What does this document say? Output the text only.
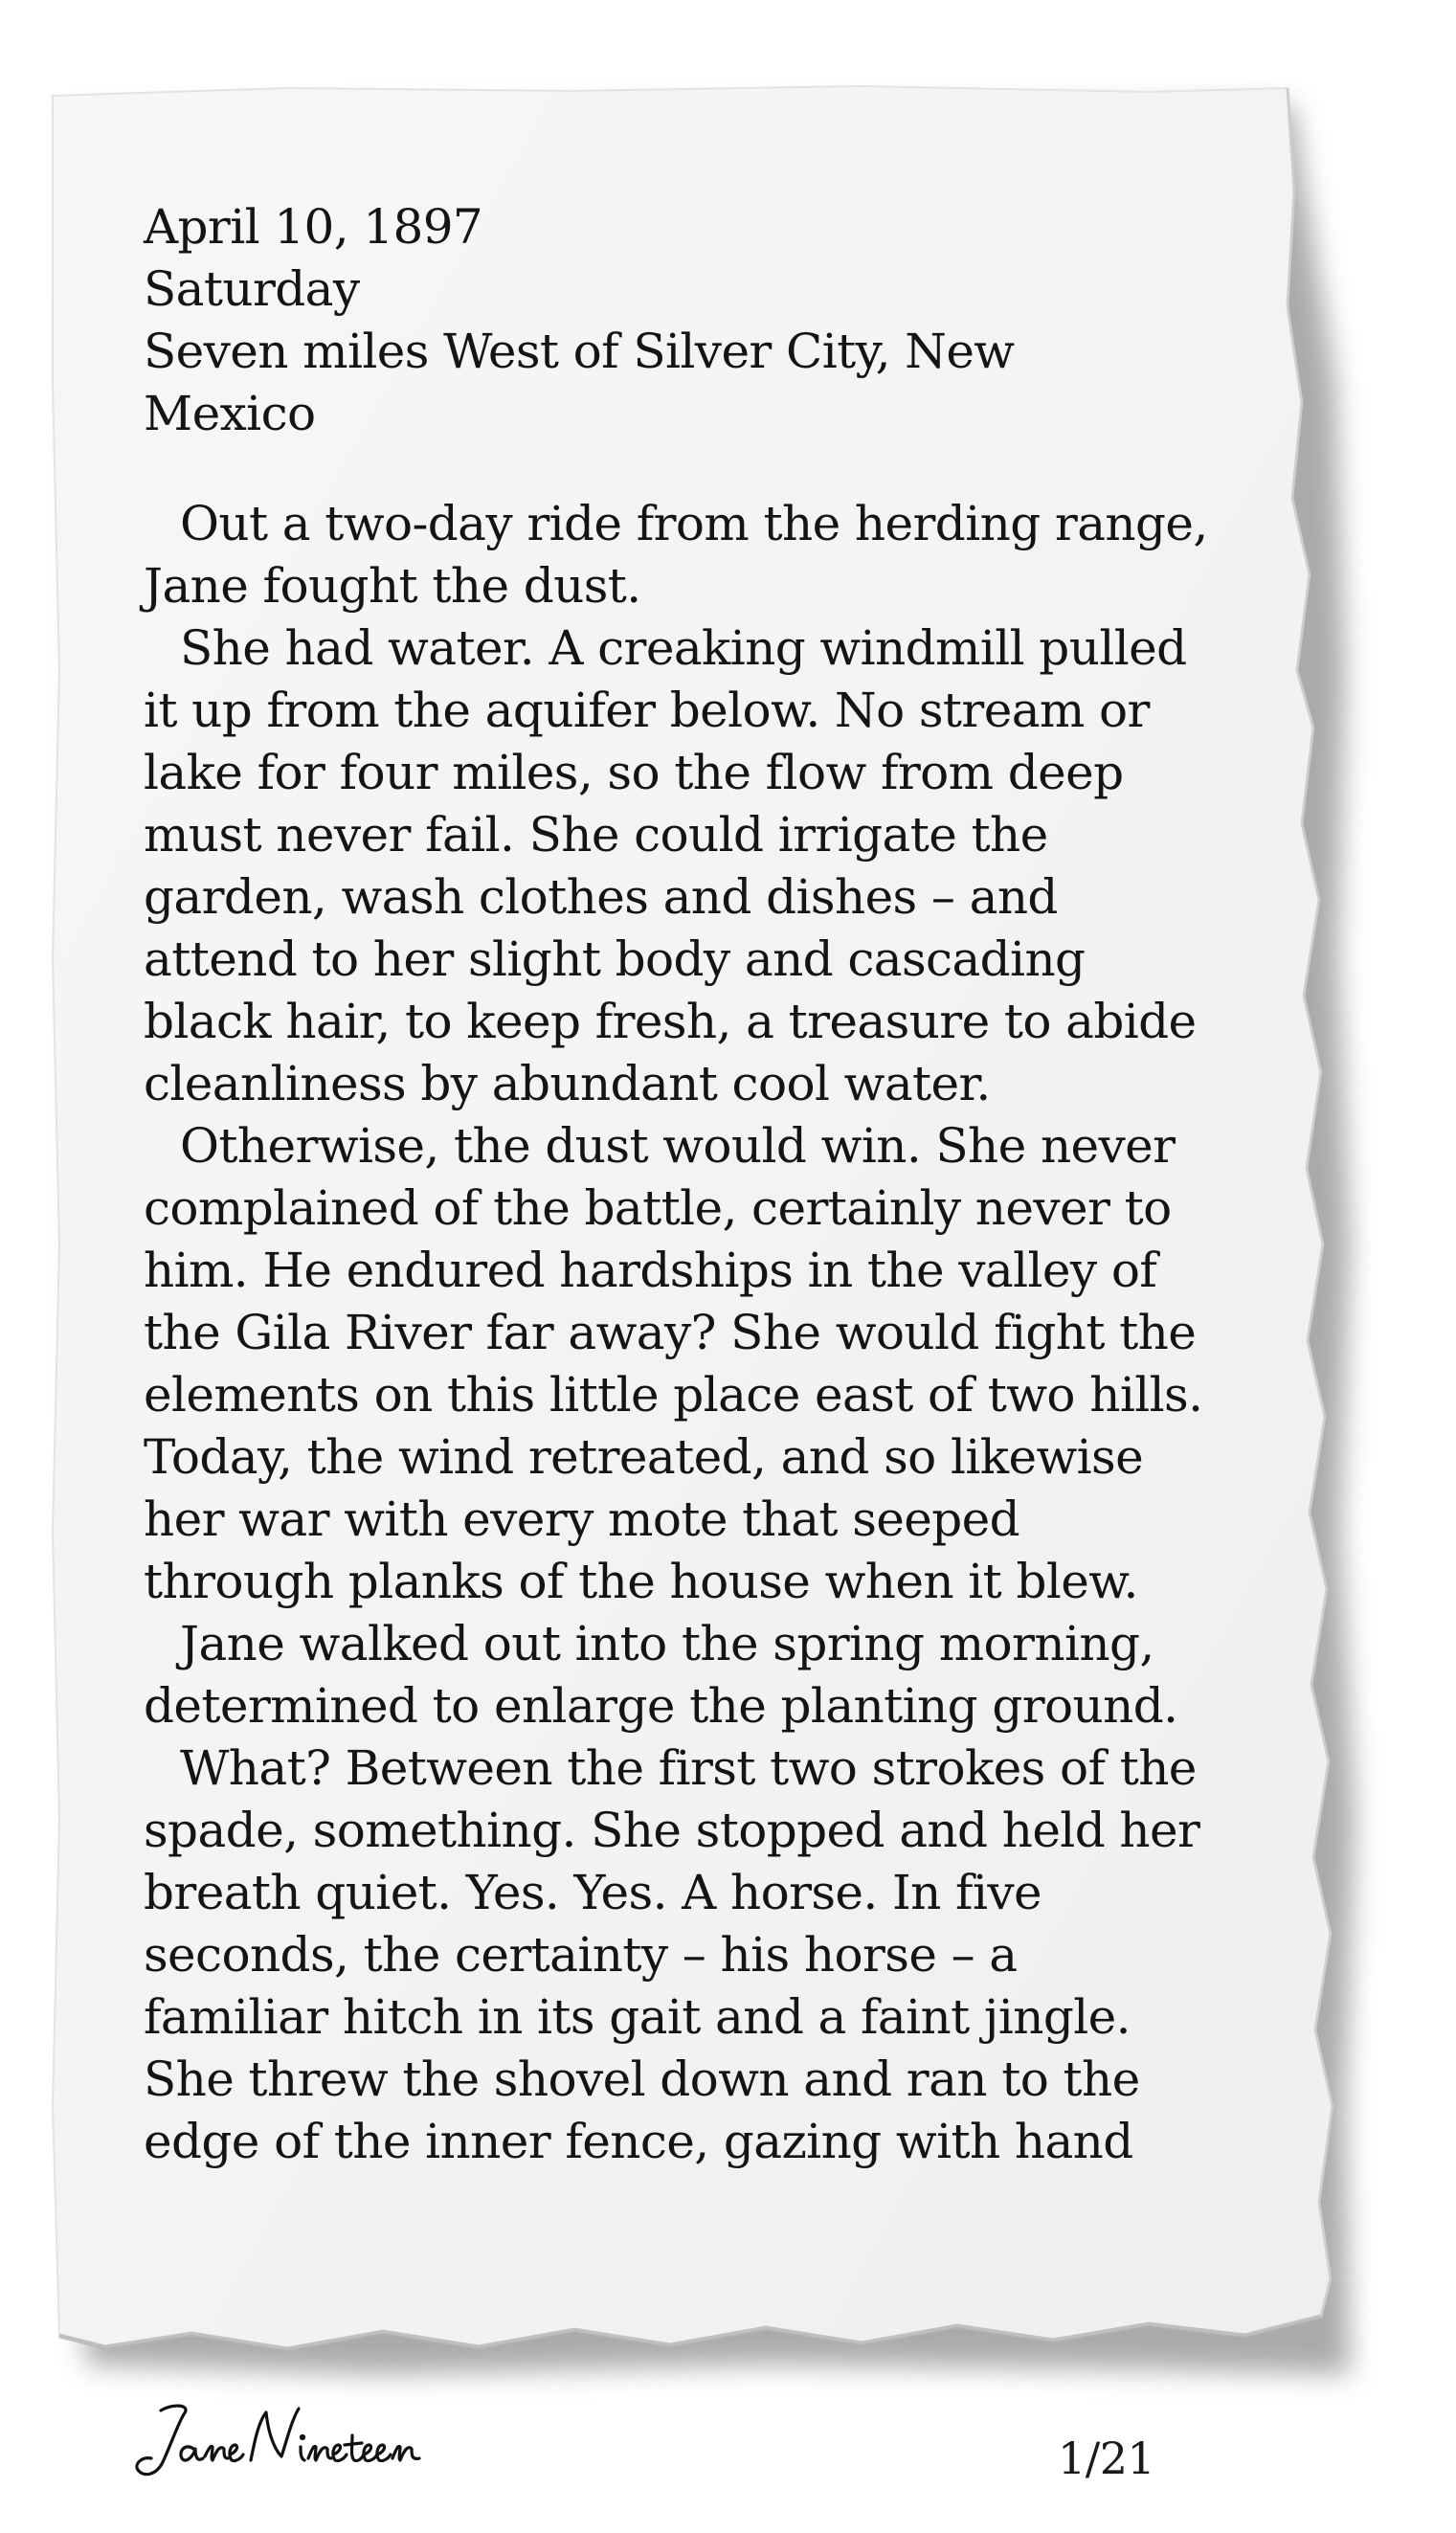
April 10, 1897
Saturday
Seven miles West of Silver City, New
Mexico
Out a two-day ride from the herding range,
Jane fought the dust.
She had water. A creaking windmill pulled
it up from the aquifer below. No stream or
lake for four miles, so the flow from deep
must never fail. She could irrigate the
garden, wash clothes and dishes – and
attend to her slight body and cascading
black hair, to keep fresh, a treasure to abide
cleanliness by abundant cool water.
Otherwise, the dust would win. She never
complained of the battle, certainly never to
him. He endured hardships in the valley of
the Gila River far away? She would fight the
elements on this little place east of two hills.
Today, the wind retreated, and so likewise
her war with every mote that seeped
through planks of the house when it blew.
Jane walked out into the spring morning,
determined to enlarge the planting ground.
What? Between the first two strokes of the
spade, something. She stopped and held her
breath quiet. Yes. Yes. A horse. In five
seconds, the certainty – his horse – a
familiar hitch in its gait and a faint jingle.
She threw the shovel down and ran to the
edge of the inner fence, gazing with hand
1/21
